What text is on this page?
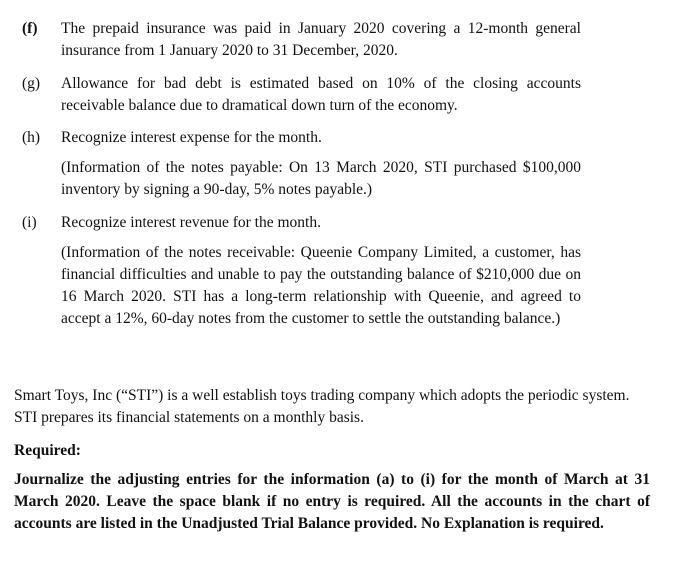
(f) The prepaid insurance was paid in January 2020 covering a 12-month general insurance from 1 January 2020 to 31 December, 2020.

(g) Allowance for bad debt is estimated based on 10% of the closing accounts receivable balance due to dramatical down turn of the economy.

(h) Recognize interest expense for the month.

(Information of the notes payable: On 13 March 2020, STI purchased $100,000 inventory by signing a 90-day, 5% notes payable.)

(i) Recognize interest revenue for the month.

(Information of the notes receivable: Queenie Company Limited, a customer, has financial difficulties and unable to pay the outstanding balance of $210,000 due on 16 March 2020. STI has a long-term relationship with Queenie, and agreed to accept a 12%, 60-day notes from the customer to settle the outstanding balance.)

Smart Toys, Inc (“STI”) is a well establish toys trading company which adopts the periodic system. STI prepares its financial statements on a monthly basis.

Required:

Journalize the adjusting entries for the information (a) to (i) for the month of March at 31 March 2020. Leave the space blank if no entry is required. All the accounts in the chart of accounts are listed in the Unadjusted Trial Balance provided. No Explanation is required.
